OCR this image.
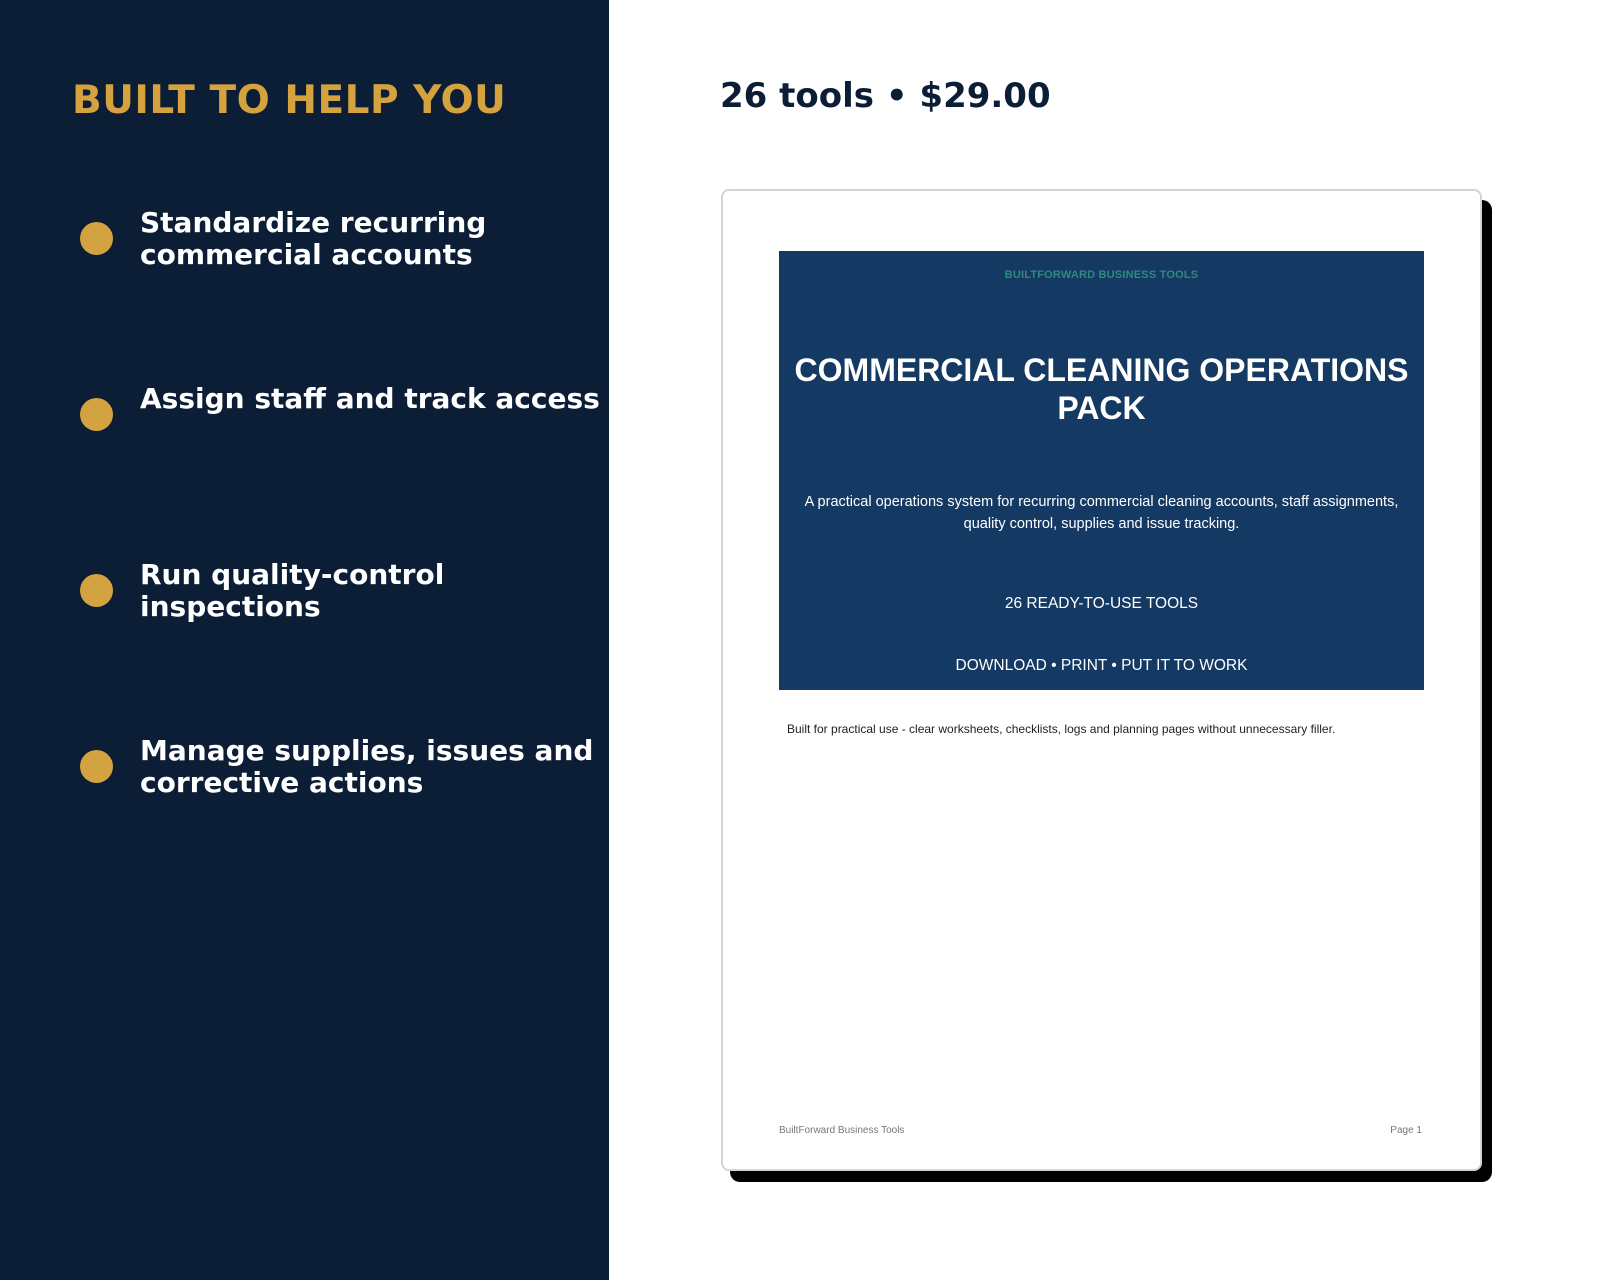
BUILT TO HELP YOU
Standardize recurring commercial accounts
Assign staff and track access
Run quality-control inspections
Manage supplies, issues and corrective actions
26 tools • $29.00
BUILTFORWARD BUSINESS TOOLS
COMMERCIAL CLEANING OPERATIONS PACK
A practical operations system for recurring commercial cleaning accounts, staff assignments, quality control, supplies and issue tracking.
26 READY-TO-USE TOOLS
DOWNLOAD • PRINT • PUT IT TO WORK
Built for practical use - clear worksheets, checklists, logs and planning pages without unnecessary filler.
BuiltForward Business Tools	Page 1
